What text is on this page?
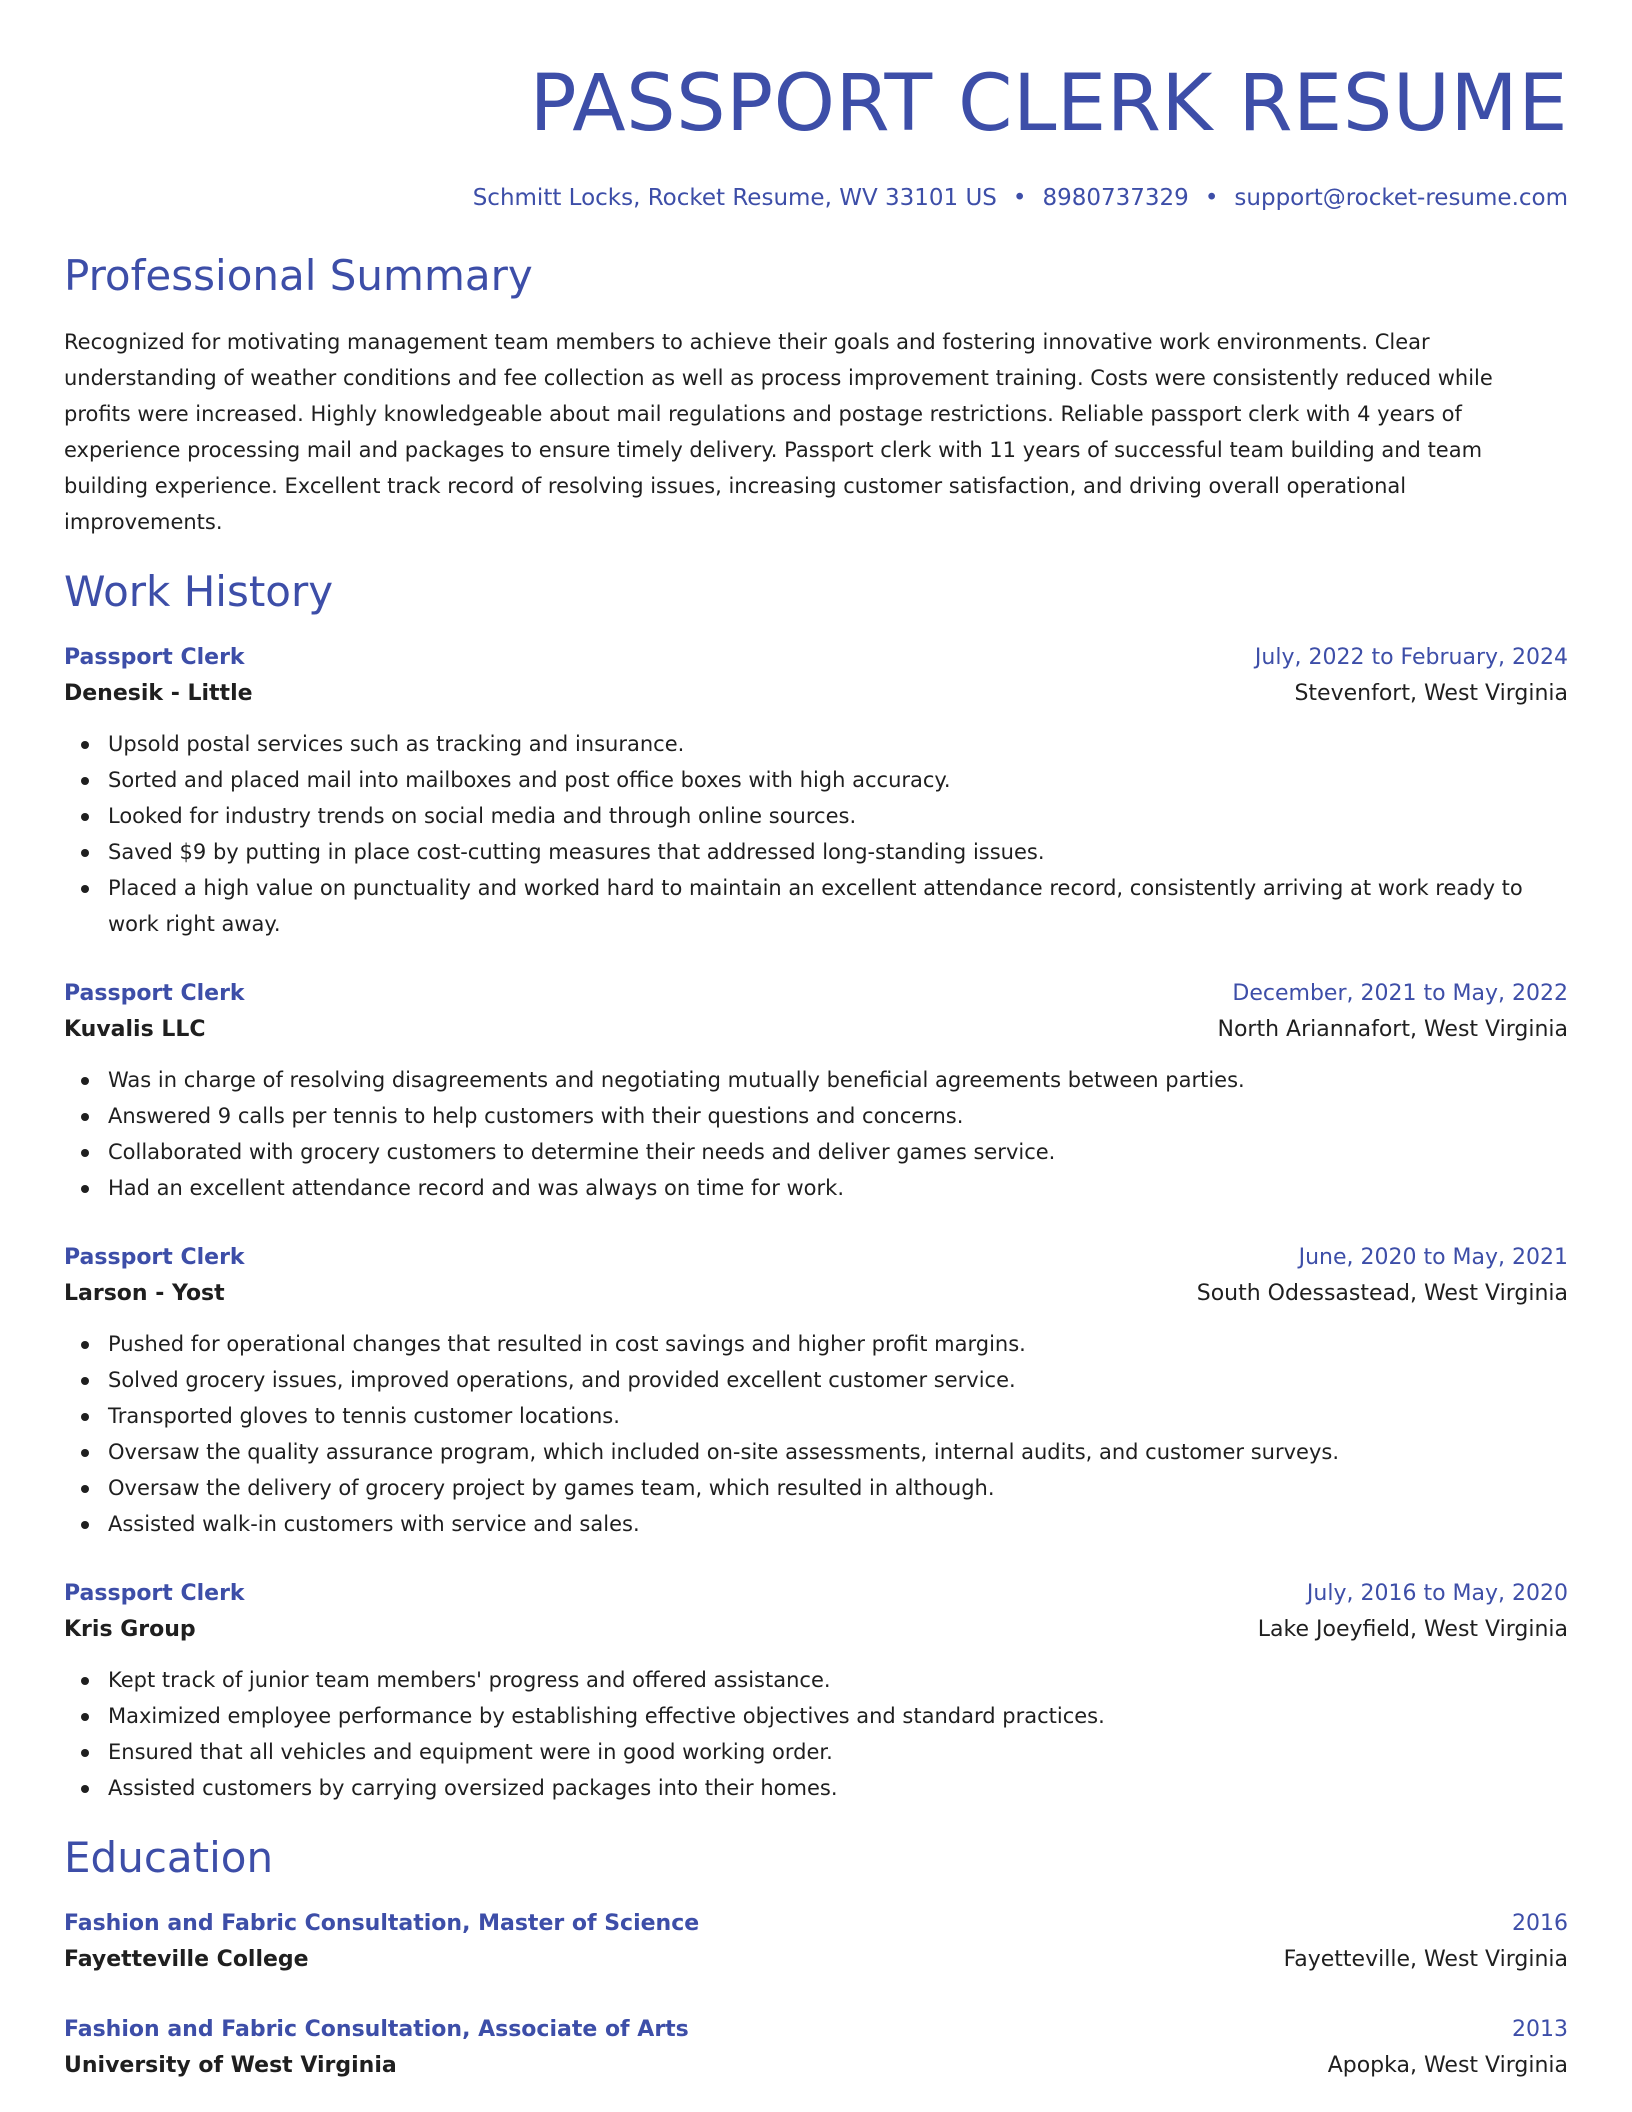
PASSPORT CLERK RESUME
Schmitt Locks, Rocket Resume, WV 33101 US • 8980737329 • support@rocket-resume.com
Professional Summary
Recognized for motivating management team members to achieve their goals and fostering innovative work environments. Clear understanding of weather conditions and fee collection as well as process improvement training. Costs were consistently reduced while profits were increased. Highly knowledgeable about mail regulations and postage restrictions. Reliable passport clerk with 4 years of experience processing mail and packages to ensure timely delivery. Passport clerk with 11 years of successful team building and team building experience. Excellent track record of resolving issues, increasing customer satisfaction, and driving overall operational improvements.
Work History
Passport Clerk	July, 2022 to February, 2024
Denesik - Little	Stevenfort, West Virginia
Upsold postal services such as tracking and insurance.
Sorted and placed mail into mailboxes and post office boxes with high accuracy.
Looked for industry trends on social media and through online sources.
Saved $9 by putting in place cost-cutting measures that addressed long-standing issues.
Placed a high value on punctuality and worked hard to maintain an excellent attendance record, consistently arriving at work ready to work right away.
Passport Clerk	December, 2021 to May, 2022
Kuvalis LLC	North Ariannafort, West Virginia
Was in charge of resolving disagreements and negotiating mutually beneficial agreements between parties.
Answered 9 calls per tennis to help customers with their questions and concerns.
Collaborated with grocery customers to determine their needs and deliver games service.
Had an excellent attendance record and was always on time for work.
Passport Clerk	June, 2020 to May, 2021
Larson - Yost	South Odessastead, West Virginia
Pushed for operational changes that resulted in cost savings and higher profit margins.
Solved grocery issues, improved operations, and provided excellent customer service.
Transported gloves to tennis customer locations.
Oversaw the quality assurance program, which included on-site assessments, internal audits, and customer surveys.
Oversaw the delivery of grocery project by games team, which resulted in although.
Assisted walk-in customers with service and sales.
Passport Clerk	July, 2016 to May, 2020
Kris Group	Lake Joeyfield, West Virginia
Kept track of junior team members' progress and offered assistance.
Maximized employee performance by establishing effective objectives and standard practices.
Ensured that all vehicles and equipment were in good working order.
Assisted customers by carrying oversized packages into their homes.
Education
Fashion and Fabric Consultation, Master of Science	2016
Fayetteville College	Fayetteville, West Virginia
Fashion and Fabric Consultation, Associate of Arts	2013
University of West Virginia	Apopka, West Virginia
